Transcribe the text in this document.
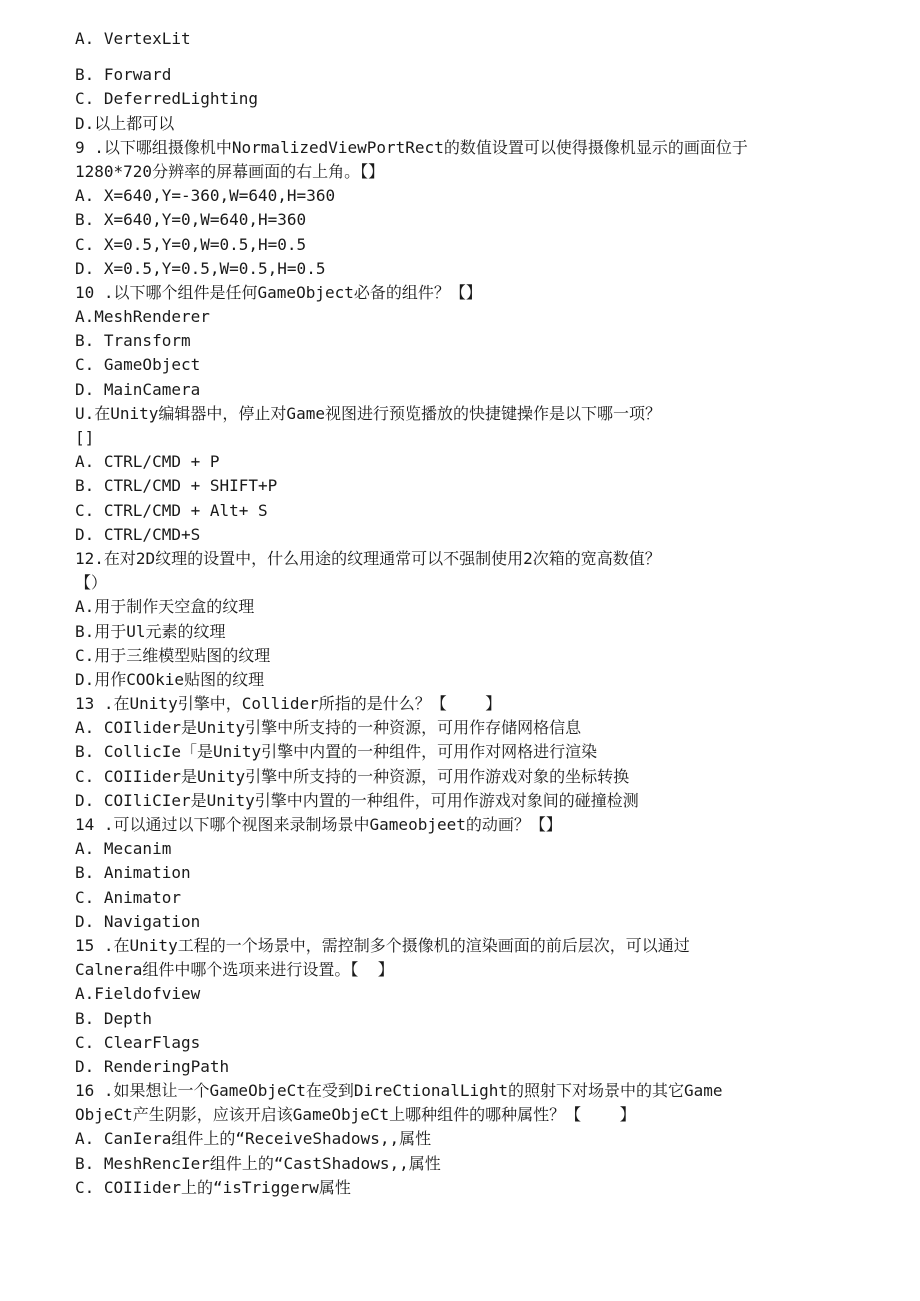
A. VertexLit
B. Forward
C. DeferredLighting
D.以上都可以
9 .以下哪组摄像机中NormalizedViewPortRect的数值设置可以使得摄像机显示的画面位于
1280*720分辨率的屏幕画面的右上角。【】
A. X=640,Y=-360,W=640,H=360
B. X=640,Y=0,W=640,H=360
C. X=0.5,Y=0,W=0.5,H=0.5
D. X=0.5,Y=0.5,W=0.5,H=0.5
10 .以下哪个组件是任何GameObject必备的组件？【】
A.MeshRenderer
B. Transform
C. GameObject
D. MainCamera
U.在Unity编辑器中，停止对Game视图进行预览播放的快捷键操作是以下哪一项？
[]
A. CTRL/CMD + P
B. CTRL/CMD + SHIFT+P
C. CTRL/CMD + Alt+ S
D. CTRL/CMD+S
12.在对2D纹理的设置中，什么用途的纹理通常可以不强制使用2次箱的宽高数值？
【）
A.用于制作天空盒的纹理
B.用于Ul元素的纹理
C.用于三维模型贴图的纹理
D.用作COOkie贴图的纹理
13 .在Unity引擎中，Collider所指的是什么？【    】
A. COIlider是Unity引擎中所支持的一种资源，可用作存储网格信息
B. CollicIe「是Unity引擎中内置的一种组件，可用作对网格进行渲染
C. COIIider是Unity引擎中所支持的一种资源，可用作游戏对象的坐标转换
D. COIliCIer是Unity引擎中内置的一种组件，可用作游戏对象间的碰撞检测
14 .可以通过以下哪个视图来录制场景中Gameobjeet的动画？【】
A. Mecanim
B. Animation
C. Animator
D. Navigation
15 .在Unity工程的一个场景中，需控制多个摄像机的渲染画面的前后层次，可以通过
Calnera组件中哪个选项来进行设置。【  】
A.Fieldofview
B. Depth
C. ClearFlags
D. RenderingPath
16 .如果想让一个GameObjeCt在受到DireCtionalLight的照射下对场景中的其它Game
ObjeCt产生阴影，应该开启该GameObjeCt上哪种组件的哪种属性？【    】
A. CanIera组件上的“ReceiveShadows,,属性
B. MeshRencIer组件上的“CastShadows,,属性
C. COIIider上的“isTriggerw属性
